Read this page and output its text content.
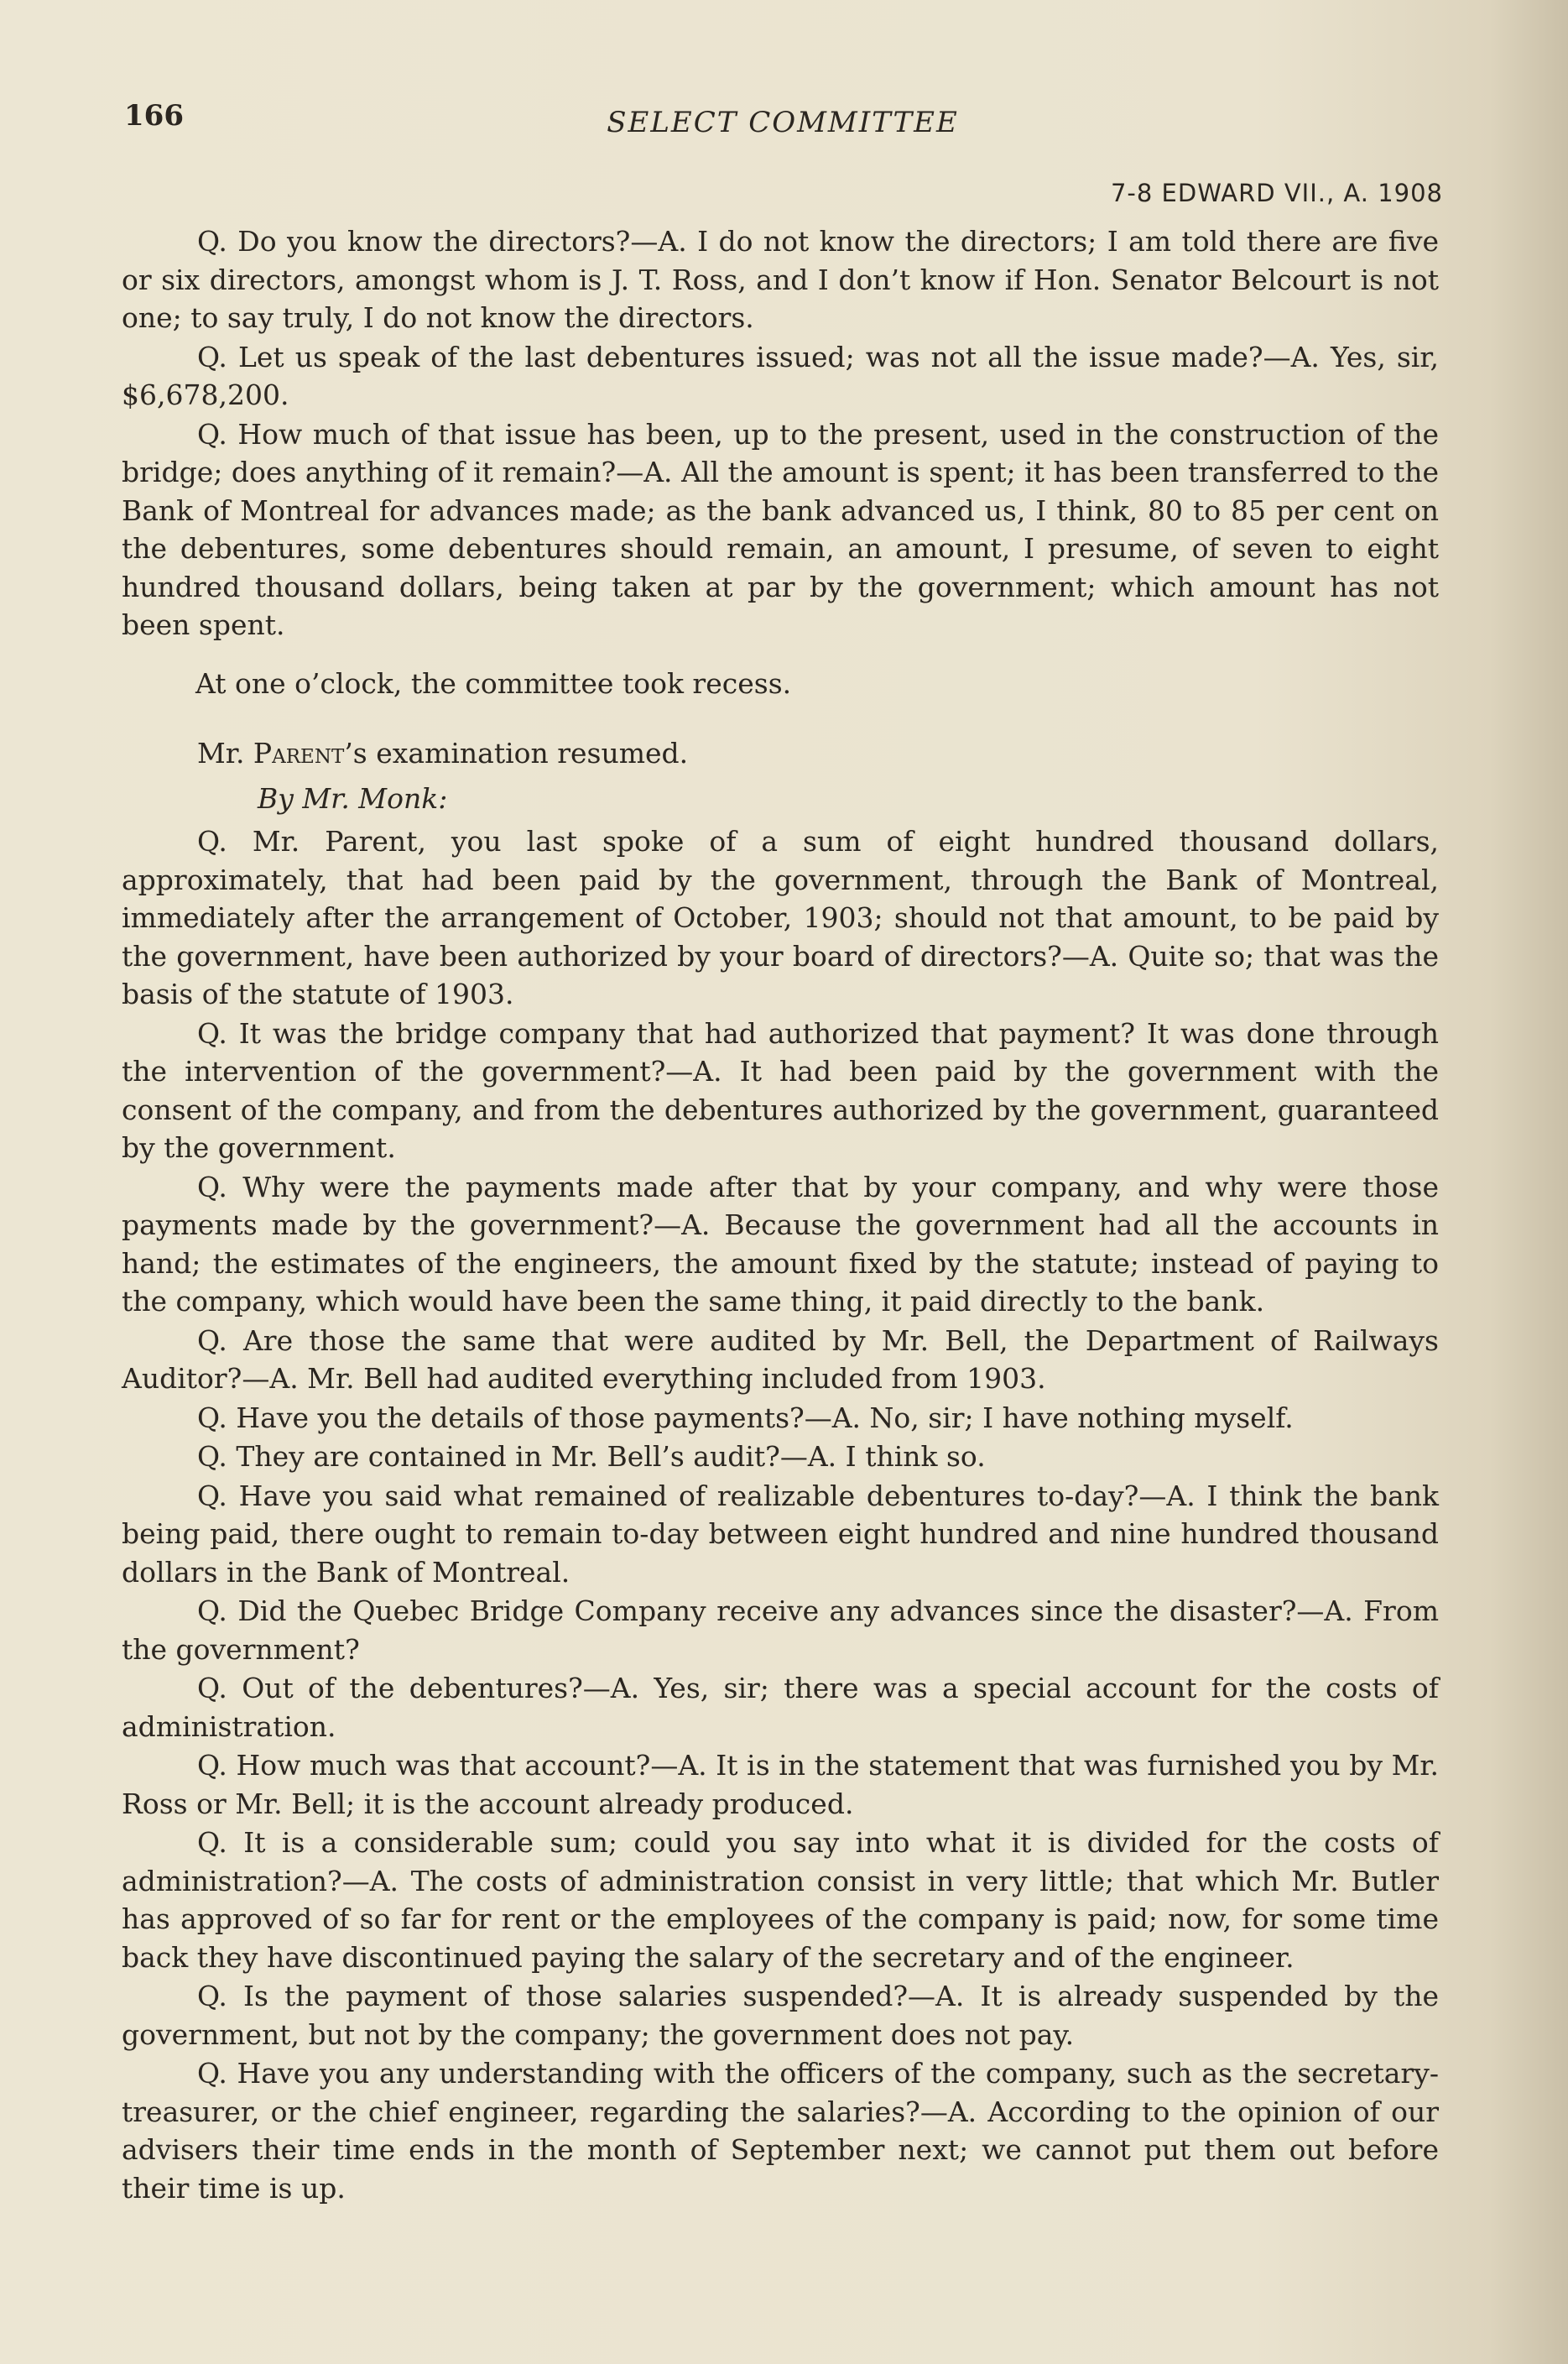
166	SELECT COMMITTEE
7-8 EDWARD VII., A. 1908

Q. Do you know the directors?—A. I do not know the directors; I am told there are five or six directors, amongst whom is J. T. Ross, and I don’t know if Hon. Senator Belcourt is not one; to say truly, I do not know the directors.

Q. Let us speak of the last debentures issued; was not all the issue made?—A. Yes, sir, $6,678,200.

Q. How much of that issue has been, up to the present, used in the construction of the bridge; does anything of it remain?—A. All the amount is spent; it has been transferred to the Bank of Montreal for advances made; as the bank advanced us, I think, 80 to 85 per cent on the debentures, some debentures should remain, an amount, I presume, of seven to eight hundred thousand dollars, being taken at par by the government; which amount has not been spent.

At one o’clock, the committee took recess.

Mr. Parent’s examination resumed.

By Mr. Monk:

Q. Mr. Parent, you last spoke of a sum of eight hundred thousand dollars, approximately, that had been paid by the government, through the Bank of Montreal, immediately after the arrangement of October, 1903; should not that amount, to be paid by the government, have been authorized by your board of directors?—A. Quite so; that was the basis of the statute of 1903.

Q. It was the bridge company that had authorized that payment? It was done through the intervention of the government?—A. It had been paid by the government with the consent of the company, and from the debentures authorized by the government, guaranteed by the government.

Q. Why were the payments made after that by your company, and why were those payments made by the government?—A. Because the government had all the accounts in hand; the estimates of the engineers, the amount fixed by the statute; instead of paying to the company, which would have been the same thing, it paid directly to the bank.

Q. Are those the same that were audited by Mr. Bell, the Department of Railways Auditor?—A. Mr. Bell had audited everything included from 1903.

Q. Have you the details of those payments?—A. No, sir; I have nothing myself.

Q. They are contained in Mr. Bell’s audit?—A. I think so.

Q. Have you said what remained of realizable debentures to-day?—A. I think the bank being paid, there ought to remain to-day between eight hundred and nine hundred thousand dollars in the Bank of Montreal.

Q. Did the Quebec Bridge Company receive any advances since the disaster?—A. From the government?

Q. Out of the debentures?—A. Yes, sir; there was a special account for the costs of administration.

Q. How much was that account?—A. It is in the statement that was furnished you by Mr. Ross or Mr. Bell; it is the account already produced.

Q. It is a considerable sum; could you say into what it is divided for the costs of administration?—A. The costs of administration consist in very little; that which Mr. Butler has approved of so far for rent or the employees of the company is paid; now, for some time back they have discontinued paying the salary of the secretary and of the engineer.

Q. Is the payment of those salaries suspended?—A. It is already suspended by the government, but not by the company; the government does not pay.

Q. Have you any understanding with the officers of the company, such as the secretary-treasurer, or the chief engineer, regarding the salaries?—A. According to the opinion of our advisers their time ends in the month of September next; we cannot put them out before their time is up.
